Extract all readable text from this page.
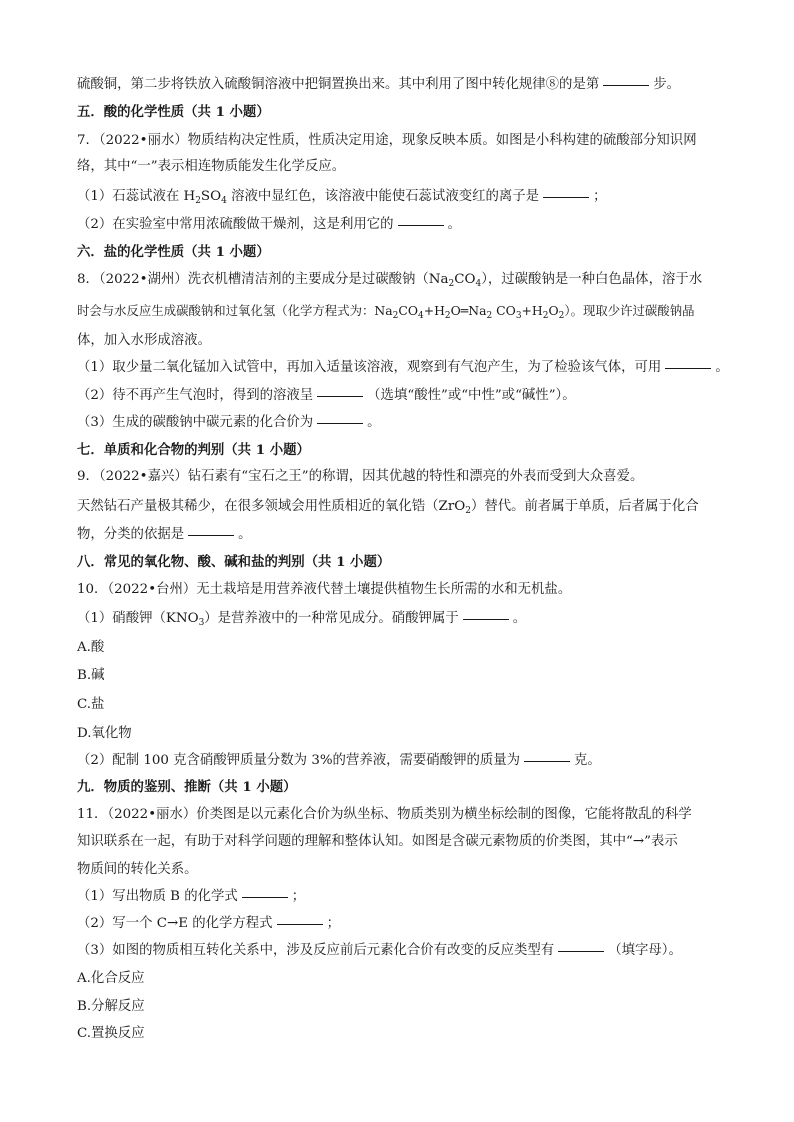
硫酸铜，第二步将铁放入硫酸铜溶液中把铜置换出来。其中利用了图中转化规律⑧的是第	步。
五．酸的化学性质（共 1 小题）
7．（2022•丽水）物质结构决定性质，性质决定用途，现象反映本质。如图是小科构建的硫酸部分知识网
络，其中“一”表示相连物质能发生化学反应。
（1）石蕊试液在 $H_2SO_4$ 溶液中显红色，该溶液中能使石蕊试液变红的离子是	；
（2）在实验室中常用浓硫酸做干燥剂，这是利用它的	。
六．盐的化学性质（共 1 小题）
8．（2022•湖州）洗衣机槽清洁剂的主要成分是过碳酸钠$(Na_2CO_4)$，过碳酸钠是一种白色晶体，溶于水
时会与水反应生成碳酸钠和过氧化氢（化学方程式为：$Na_2CO_4+H_2O═Na_2$ $CO_3+H_2O_2$）。现取少许过碳酸钠晶
体，加入水形成溶液。
（1）取少量二氧化锰加入试管中，再加入适量该溶液，观察到有气泡产生，为了检验该气体，可用	。
（2）待不再产生气泡时，得到的溶液呈	（选填“酸性”或“中性”或“碱性”）。
（3）生成的碳酸钠中碳元素的化合价为	。
七．单质和化合物的判别（共 1 小题）
9．（2022•嘉兴）钻石素有“宝石之王”的称谓，因其优越的特性和漂亮的外表而受到大众喜爱。
天然钻石产量极其稀少，在很多领域会用性质相近的氧化锆（ZrO$_2$）替代。前者属于单质，后者属于化合
物，分类的依据是	。
八．常见的氧化物、酸、碱和盐的判别（共 1 小题）
10．（2022•台州）无土栽培是用营养液代替土壤提供植物生长所需的水和无机盐。
（1）硝酸钾$(KNO_3)$是营养液中的一种常见成分。硝酸钾属于	。
A.酸
B.碱
C.盐
D.氧化物
（2）配制 100 克含硝酸钾质量分数为 3%的营养液，需要硝酸钾的质量为	克。
九．物质的鉴别、推断（共 1 小题）
11．（2022•丽水）价类图是以元素化合价为纵坐标、物质类别为横坐标绘制的图像，它能将散乱的科学
知识联系在一起，有助于对科学问题的理解和整体认知。如图是含碳元素物质的价类图，其中“→”表示
物质间的转化关系。
（1）写出物质 B 的化学式	；
（2）写一个 C→E 的化学方程式	；
（3）如图的物质相互转化关系中，涉及反应前后元素化合价有改变的反应类型有	（填字母）。
A.化合反应
B.分解反应
C.置换反应
